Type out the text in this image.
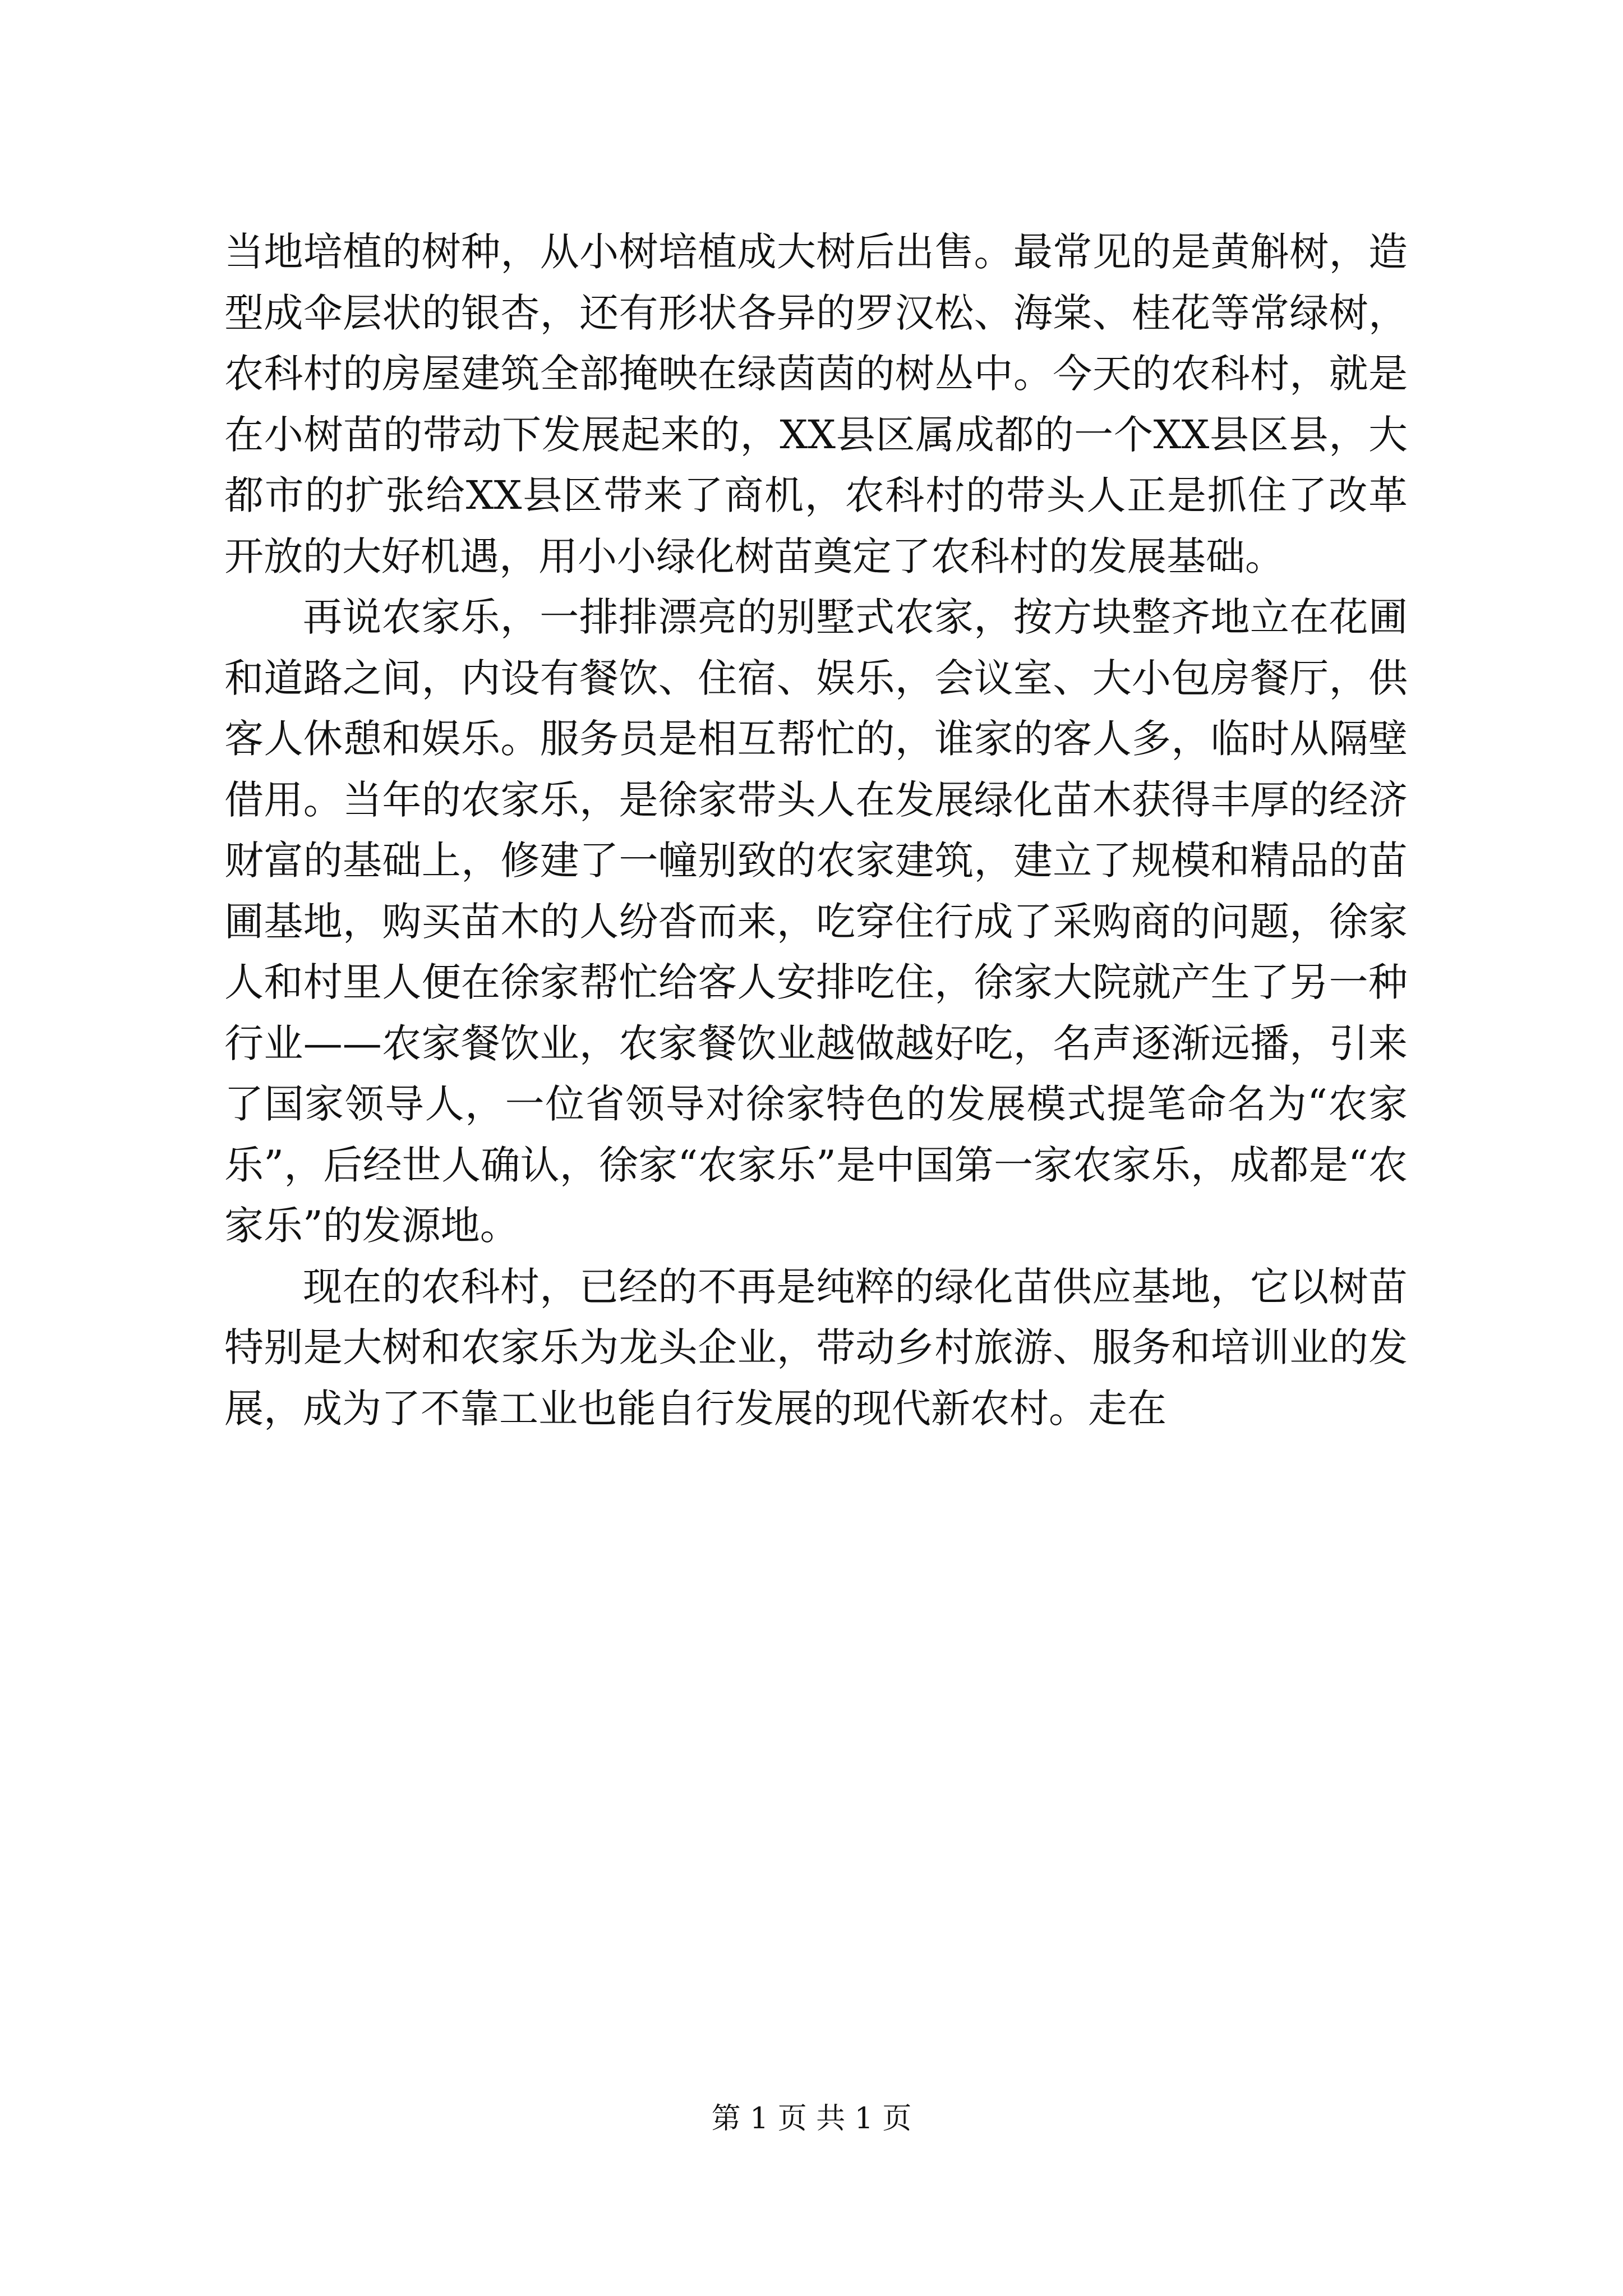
当地培植的树种，从小树培植成大树后出售。最常见的是黄斛树，造型成伞层状的银杏，还有形状各异的罗汉松、海棠、桂花等常绿树，农科村的房屋建筑全部掩映在绿茵茵的树丛中。今天的农科村，就是在小树苗的带动下发展起来的，XX县区属成都的一个XX县区县，大都市的扩张给XX县区带来了商机，农科村的带头人正是抓住了改革开放的大好机遇，用小小绿化树苗奠定了农科村的发展基础。

再说农家乐，一排排漂亮的别墅式农家，按方块整齐地立在花圃和道路之间，内设有餐饮、住宿、娱乐，会议室、大小包房餐厅，供客人休憩和娱乐。服务员是相互帮忙的，谁家的客人多，临时从隔壁借用。当年的农家乐，是徐家带头人在发展绿化苗木获得丰厚的经济财富的基础上，修建了一幢别致的农家建筑，建立了规模和精品的苗圃基地，购买苗木的人纷沓而来，吃穿住行成了采购商的问题，徐家人和村里人便在徐家帮忙给客人安排吃住，徐家大院就产生了另一种行业——农家餐饮业，农家餐饮业越做越好吃，名声逐渐远播，引来了国家领导人，一位省领导对徐家特色的发展模式提笔命名为“农家乐”，后经世人确认，徐家“农家乐”是中国第一家农家乐，成都是“农家乐”的发源地。

现在的农科村，已经的不再是纯粹的绿化苗供应基地，它以树苗特别是大树和农家乐为龙头企业，带动乡村旅游、服务和培训业的发展，成为了不靠工业也能自行发展的现代新农村。走在

第 1 页 共 1 页
